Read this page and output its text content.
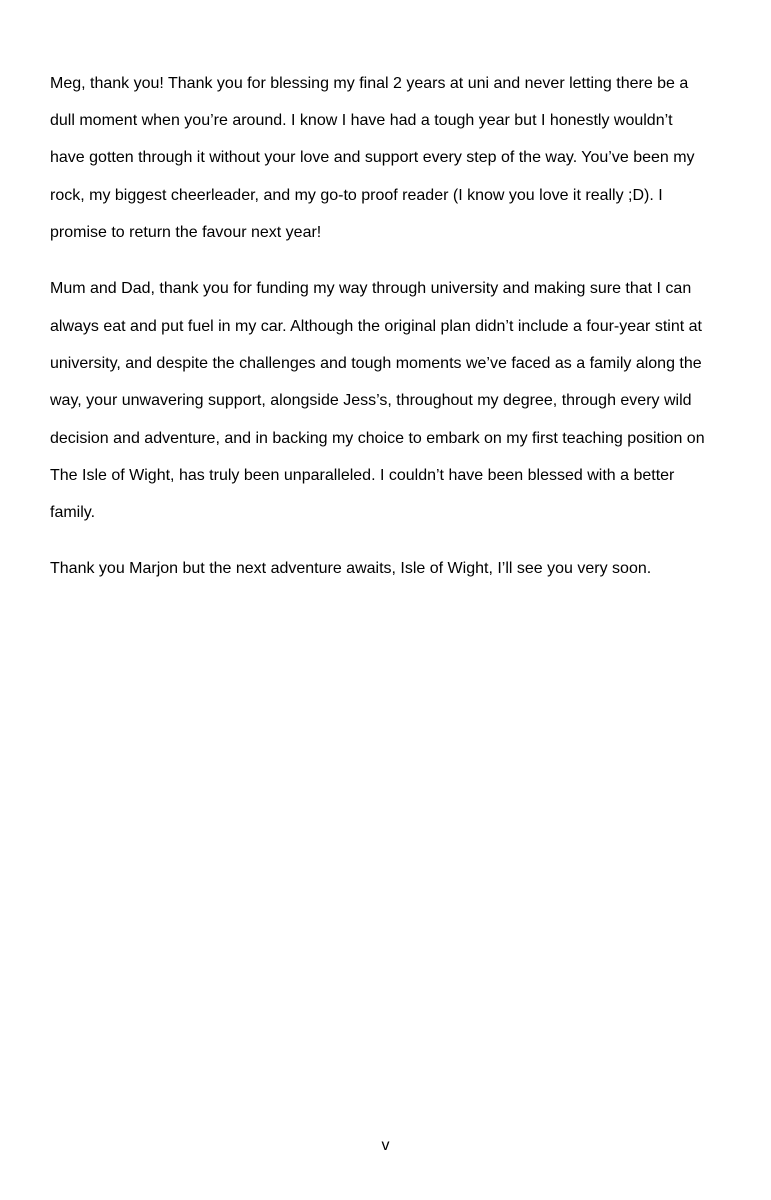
Meg, thank you! Thank you for blessing my final 2 years at uni and never letting there be a

dull moment when you’re around. I know I have had a tough year but I honestly wouldn’t

have gotten through it without your love and support every step of the way. You’ve been my

rock, my biggest cheerleader, and my go-to proof reader (I know you love it really ;D). I

promise to return the favour next year!

Mum and Dad, thank you for funding my way through university and making sure that I can

always eat and put fuel in my car. Although the original plan didn’t include a four-year stint at

university, and despite the challenges and tough moments we’ve faced as a family along the

way, your unwavering support, alongside Jess’s, throughout my degree, through every wild

decision and adventure, and in backing my choice to embark on my first teaching position on

The Isle of Wight, has truly been unparalleled. I couldn’t have been blessed with a better

family.

Thank you Marjon but the next adventure awaits, Isle of Wight, I’ll see you very soon.

v
